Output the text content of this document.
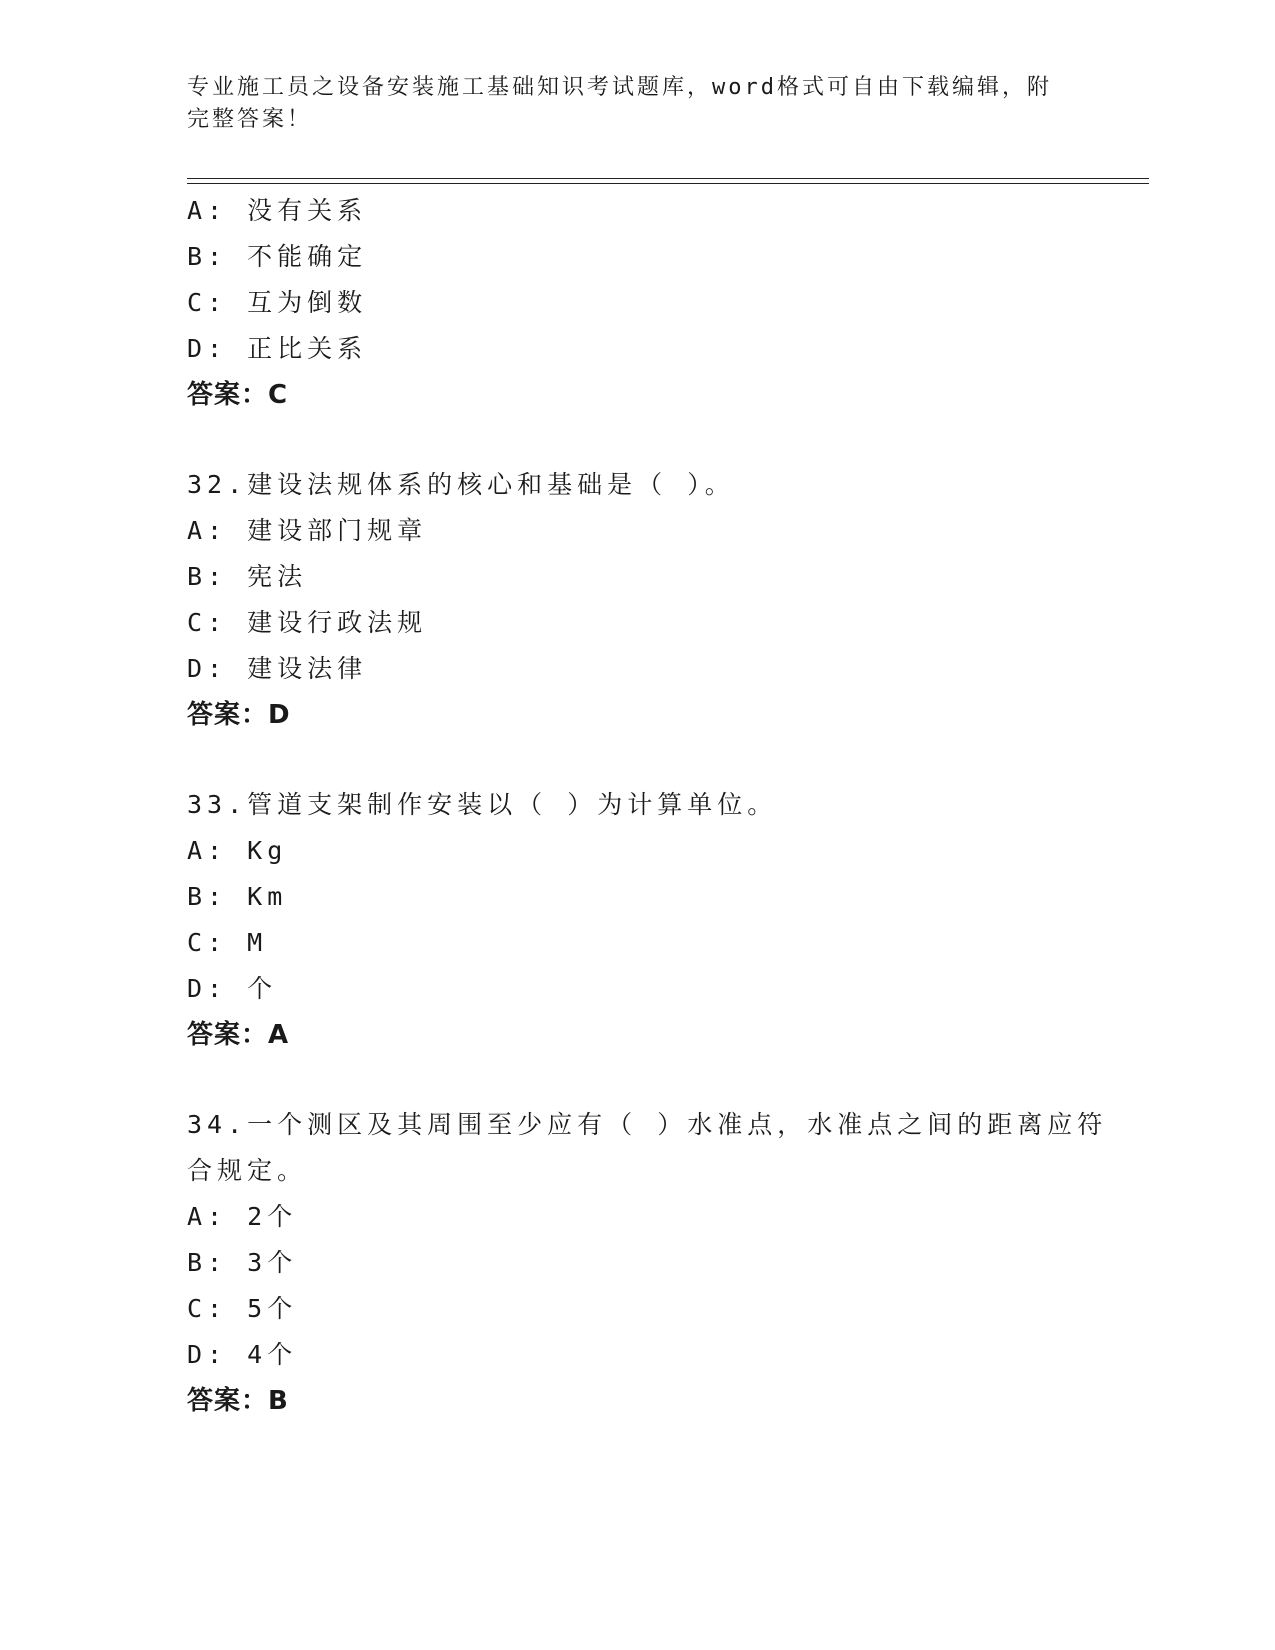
专业施工员之设备安装施工基础知识考试题库，word格式可自由下载编辑，附完整答案！
A: 没有关系
B: 不能确定
C: 互为倒数
D: 正比关系
答案：C
32.建设法规体系的核心和基础是（ ）。
A: 建设部门规章
B: 宪法
C: 建设行政法规
D: 建设法律
答案：D
33.管道支架制作安装以（ ）为计算单位。
A: Kg
B: Km
C: M
D: 个
答案：A
34.一个测区及其周围至少应有（ ）水准点，水准点之间的距离应符
合规定。
A: 2个
B: 3个
C: 5个
D: 4个
答案：B
